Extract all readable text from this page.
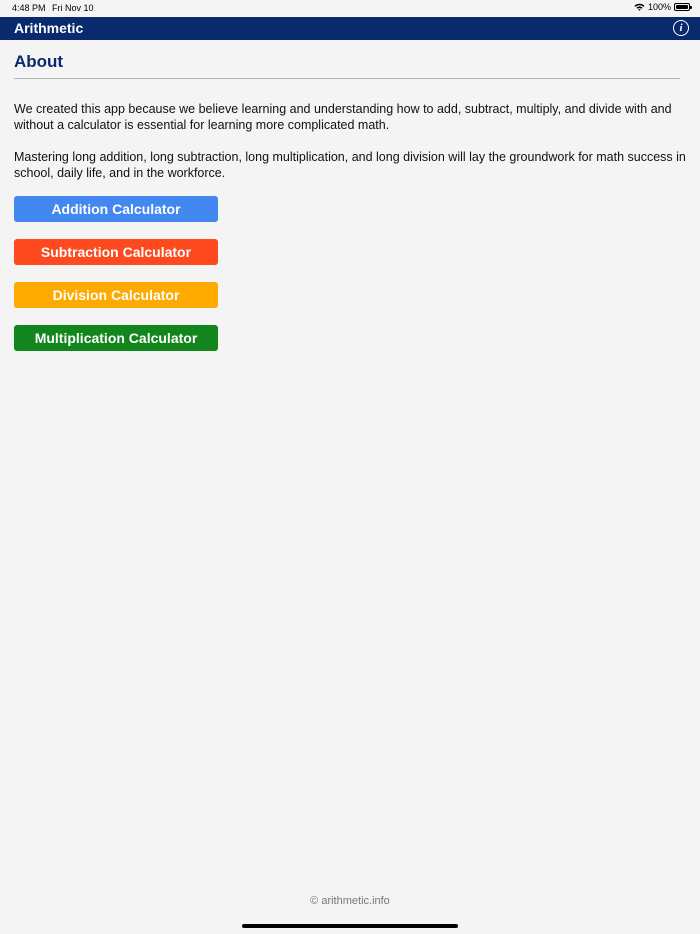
4:48 PM Fri Nov 10	100%
Arithmetic	i
About

We created this app because we believe learning and understanding how to add, subtract, multiply, and divide with and without a calculator is essential for learning more complicated math.

Mastering long addition, long subtraction, long multiplication, and long division will lay the groundwork for math success in school, daily life, and in the workforce.

Addition Calculator
Subtraction Calculator
Division Calculator
Multiplication Calculator
© arithmetic.info
